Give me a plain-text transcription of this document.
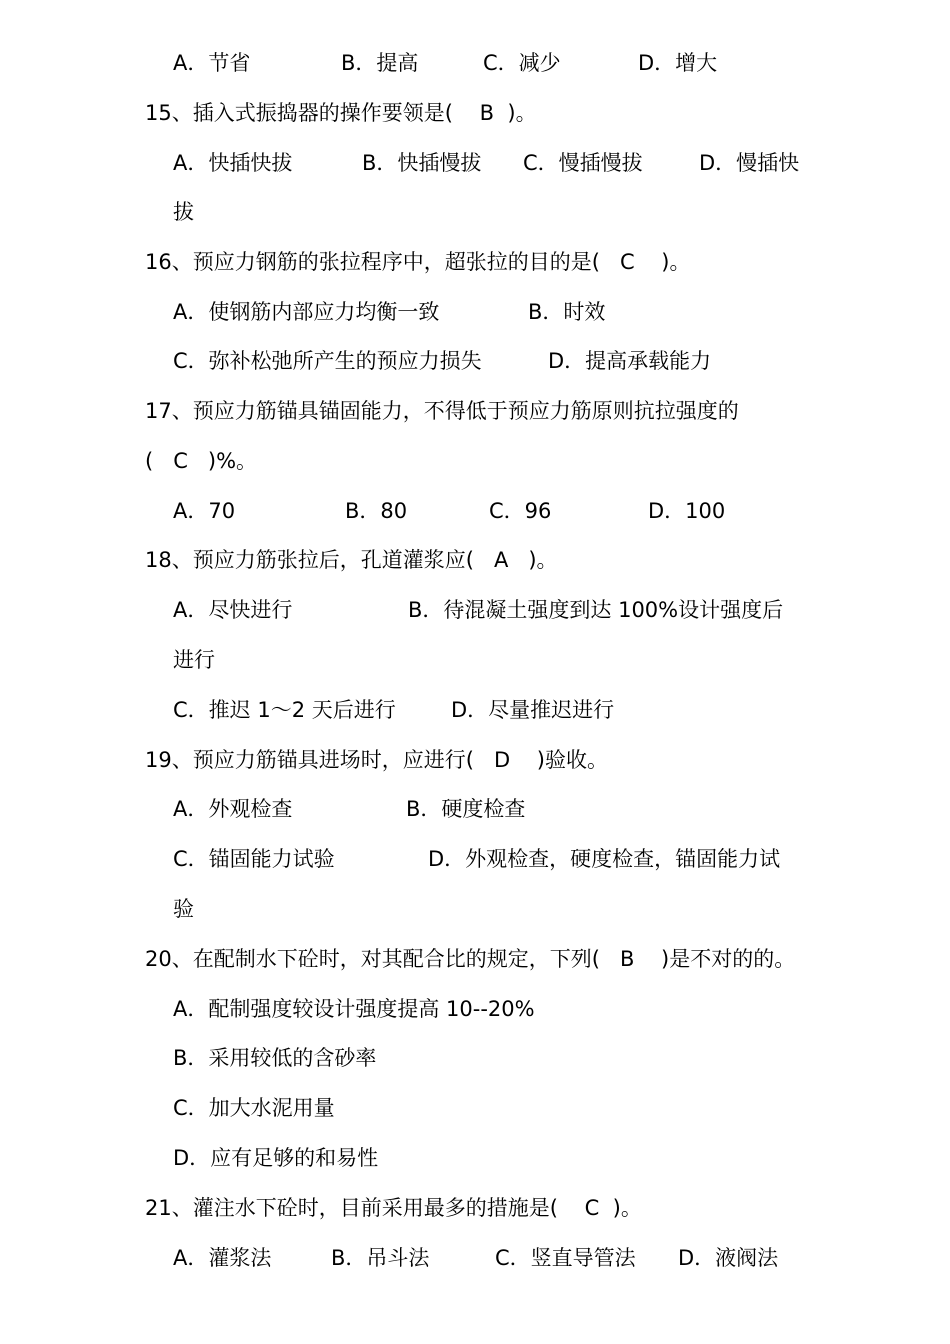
A．节省	B．提高	C．减少	D．增大
15、插入式振捣器的操作要领是(    B  )。
A．快插快拔	B．快插慢拔 C．慢插慢拔	D．慢插快
拔
16、预应力钢筋的张拉程序中，超张拉的目的是(   C    )。
A．使钢筋内部应力均衡一致	B．时效
C．弥补松弛所产生的预应力损失	D．提高承载能力
17、预应力筋锚具锚固能力，不得低于预应力筋原则抗拉强度的
(   C   )%。
A．70	B．80	C．96	D．100
18、预应力筋张拉后，孔道灌浆应(   A   )。
A．尽快进行	B．待混凝土强度到达 100%设计强度后
进行
C．推迟 1～2 天后进行	D．尽量推迟进行
19、预应力筋锚具进场时，应进行(   D    )验收。
A．外观检查	B．硬度检查
C．锚固能力试验	D．外观检查，硬度检查，锚固能力试
验
20、在配制水下砼时，对其配合比的规定，下列(   B    )是不对的的。
A．配制强度较设计强度提高 10--20%
B．采用较低的含砂率
C．加大水泥用量
D．应有足够的和易性
21、灌注水下砼时，目前采用最多的措施是(    C  )。
A．灌浆法	B．吊斗法	C．竖直导管法 D．液阀法
